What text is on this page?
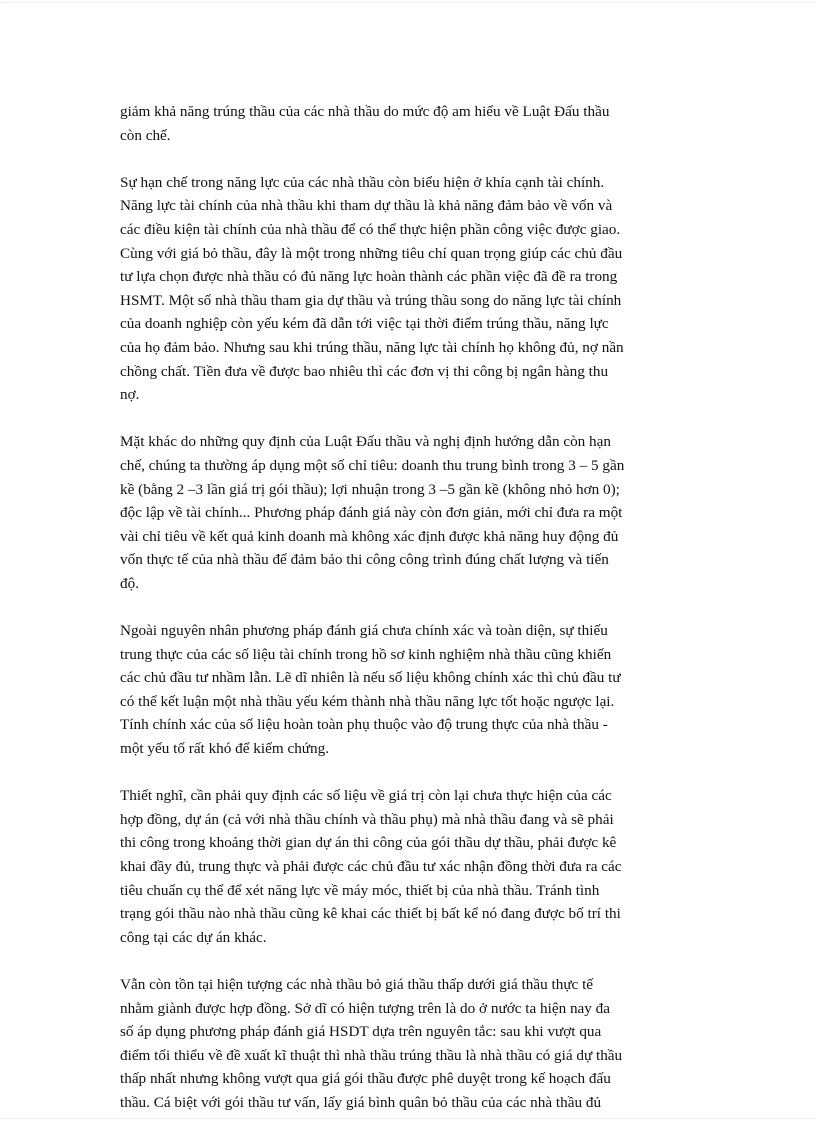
giảm khả năng trúng thầu của các nhà thầu do mức độ am hiểu về Luật Đấu thầu
còn chế.

Sự hạn chế trong năng lực của các nhà thầu còn biểu hiện ở khía cạnh tài chính.
Năng lực tài chính của nhà thầu khi tham dự thầu là khả năng đảm bảo về vốn và
các điều kiện tài chính của nhà thầu để có thể thực hiện phần công việc được giao.
Cùng với giá bỏ thầu, đây là một trong những tiêu chí quan trọng giúp các chủ đầu
tư lựa chọn được nhà thầu có đủ năng lực hoàn thành các phần việc đã đề ra trong
HSMT. Một số nhà thầu tham gia dự thầu và trúng thầu song do năng lực tài chính
của doanh nghiệp còn yếu kém đã dẫn tới việc tại thời điểm trúng thầu, năng lực
của họ đảm bảo. Nhưng sau khi trúng thầu, năng lực tài chính họ không đủ, nợ nần
chồng chất. Tiền đưa về được bao nhiêu thì các đơn vị thi công bị ngân hàng thu
nợ.

Mặt khác do những quy định của Luật Đấu thầu và nghị định hướng dẫn còn hạn
chế, chúng ta thường áp dụng một số chỉ tiêu: doanh thu trung bình trong 3 – 5 gần
kề (bằng 2 –3 lần giá trị gói thầu); lợi nhuận trong 3 –5 gần kề (không nhỏ hơn 0);
độc lập về tài chính... Phương pháp đánh giá này còn đơn giản, mới chỉ đưa ra một
vài chỉ tiêu về kết quả kinh doanh mà không xác định được khả năng huy động đủ
vốn thực tế của nhà thầu để đảm bảo thi công công trình đúng chất lượng và tiến
độ.

Ngoài nguyên nhân phương pháp đánh giá chưa chính xác và toàn diện, sự thiếu
trung thực của các số liệu tài chính trong hồ sơ kinh nghiệm nhà thầu cũng khiến
các chủ đầu tư nhầm lẫn. Lẽ dĩ nhiên là nếu số liệu không chính xác thì chủ đầu tư
có thể kết luận một nhà thầu yếu kém thành nhà thầu năng lực tốt hoặc ngược lại.
Tính chính xác của số liệu hoàn toàn phụ thuộc vào độ trung thực của nhà thầu -
một yếu tố rất khó để kiểm chứng.

Thiết nghĩ, cần phải quy định các số liệu về giá trị còn lại chưa thực hiện của các
hợp đồng, dự án (cả với nhà thầu chính và thầu phụ) mà nhà thầu đang và sẽ phải
thi công trong khoảng thời gian dự án thi công của gói thầu dự thầu, phải được kê
khai đầy đủ, trung thực và phải được các chủ đầu tư xác nhận đồng thời đưa ra các
tiêu chuẩn cụ thể để xét năng lực về máy móc, thiết bị của nhà thầu. Tránh tình
trạng gói thầu nào nhà thầu cũng kê khai các thiết bị bất kể nó đang được bố trí thi
công tại các dự án khác.

Vẫn còn tồn tại hiện tượng các nhà thầu bỏ giá thầu thấp dưới giá thầu thực tế
nhằm giành được hợp đồng. Sở dĩ có hiện tượng trên là do ở nước ta hiện nay đa
số áp dụng phương pháp đánh giá HSDT dựa trên nguyên tắc: sau khi vượt qua
điểm tối thiểu về đề xuất kĩ thuật thì nhà thầu trúng thầu là nhà thầu có giá dự thầu
thấp nhất nhưng không vượt qua giá gói thầu được phê duyệt trong kế hoạch đấu
thầu. Cá biệt với gói thầu tư vấn, lấy giá bình quân bỏ thầu của các nhà thầu đủ
